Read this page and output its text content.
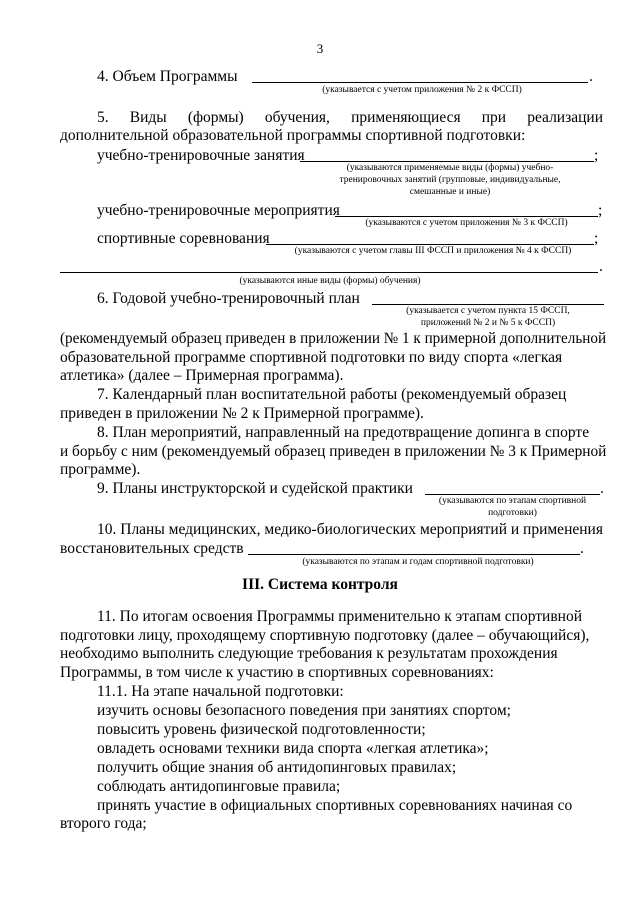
3
4. Объем Программы	.
(указывается с учетом приложения № 2 к ФССП)
5. Виды (формы) обучения, применяющиеся при реализации
дополнительной образовательной программы спортивной подготовки:
учебно-тренировочные занятия	;
(указываются применяемые виды (формы) учебно-
тренировочных занятий (групповые, индивидуальные,
смешанные и иные)
учебно-тренировочные мероприятия	;
(указываются с учетом приложения № 3 к ФССП)
спортивные соревнования	;
(указываются с учетом главы III ФССП и приложения № 4 к ФССП)
.
(указываются иные виды (формы) обучения)
6. Годовой учебно-тренировочный план
(указывается с учетом пункта 15 ФССП,
приложений № 2 и № 5 к ФССП)
(рекомендуемый образец приведен в приложении № 1 к примерной дополнительной
образовательной программе спортивной подготовки по виду спорта «легкая
атлетика» (далее – Примерная программа).
7. Календарный план воспитательной работы (рекомендуемый образец
приведен в приложении № 2 к Примерной программе).
8. План мероприятий, направленный на предотвращение допинга в спорте
и борьбу с ним (рекомендуемый образец приведен в приложении № 3 к Примерной
программе).
9. Планы инструкторской и судейской практики	.
(указываются по этапам спортивной
подготовки)
10. Планы медицинских, медико-биологических мероприятий и применения
восстановительных средств	.
(указываются по этапам и годам спортивной подготовки)
III. Система контроля
11. По итогам освоения Программы применительно к этапам спортивной
подготовки лицу, проходящему спортивную подготовку (далее – обучающийся),
необходимо выполнить следующие требования к результатам прохождения
Программы, в том числе к участию в спортивных соревнованиях:
11.1. На этапе начальной подготовки:
изучить основы безопасного поведения при занятиях спортом;
повысить уровень физической подготовленности;
овладеть основами техники вида спорта «легкая атлетика»;
получить общие знания об антидопинговых правилах;
соблюдать антидопинговые правила;
принять участие в официальных спортивных соревнованиях начиная со
второго года;
